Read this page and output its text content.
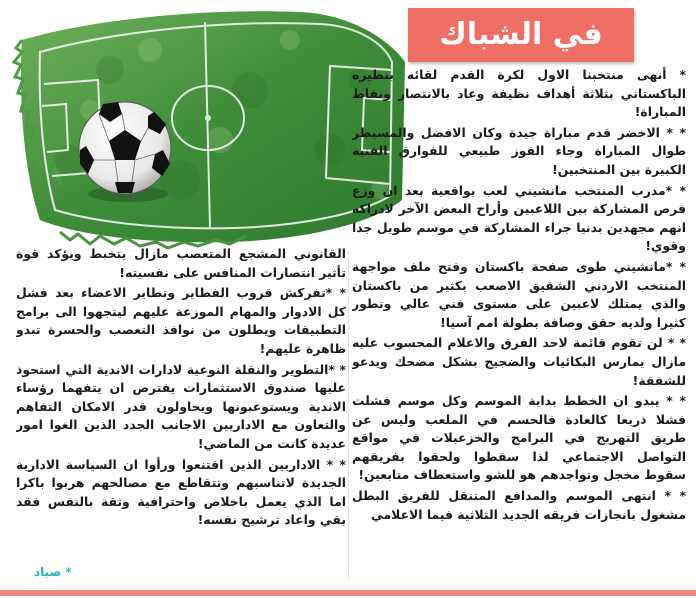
في الشباك

* أنهى منتخبنا الاول لكرة القدم لقائه بنظيره الباكستاني بثلاثة أهداف نظيفة وعاد بالانتصار ونقاط المباراة!

* * الاخضر قدم مباراة جيدة وكان الافضل والمسيطر طوال المباراة وجاء الفوز طبيعي للفوارق الفنية الكبيرة بين المنتخبين!

* *مدرب المنتخب مانشيني لعب بواقعية بعد ان وزع فرص المشاركة بين اللاعبين وأراح البعض الآخر لادراكه انهم مجهدين بدنيا جراء المشاركة في موسم طويل جدا وقوي!

* *مانشيني طوى صفحة باكستان وفتح ملف مواجهة المنتخب الاردني الشقيق الاصعب بكثير من باكستان والذي يمتلك لاعبين على مستوى فني عالي وتطور كثيرا ولديه حقق وصافة بطولة امم آسيا!

* * لن تقوم قائمة لاحد الفرق والاعلام المحسوب عليه مازال يمارس البكائيات والضجيج بشكل مضحك ويدعو للشفقة!

* * يبدو ان الخطط بداية الموسم وكل موسم فشلت فشلا ذريعا كالعادة فالحسم في الملعب وليس عن طريق التهريج في البرامج والخزعبلات في مواقع التواصل الاجتماعي لذا سقطوا ولحقوا بفريقهم سقوط مخجل وتواجدهم هو للشو واستعطاف متابعين!

* * انتهى الموسم والمدافع المتنقل للفريق البطل مشغول بانجازات فريقه الجديد الثلاثية فيما الاعلامي

القانوني المشجع المتعصب مازال يتخبط ويؤكد قوة تأثير انتصارات المنافس على نفسيته!

* *تفركش قروب الفطاير وتطاير الاعضاء بعد فشل كل الادوار والمهام الموزعة عليهم ليتجهوا الى برامج التطبيقات ويطلون من نوافذ التعصب والحسرة تبدو ظاهرة عليهم!

* *التطوير والنقلة النوعية لادارات الاندية التي استحوذ عليها صندوق الاستثمارات يفترض ان يتفهما رؤساء الاندية ويستوعبونها ويحاولون قدر الامكان التفاهم والتعاون مع الاداريين الاجانب الجدد الذين الغوا امور عديدة كانت من الماضي!

* * الاداريين الذين اقتنعوا ورأوا ان السياسة الادارية الجديدة لاتناسبهم وتتقاطع مع مصالحهم هربوا باكرا اما الذي يعمل باخلاص واحترافية وثقة بالنفس فقد بقي واعاد ترشيح نفسه!

* صياد
